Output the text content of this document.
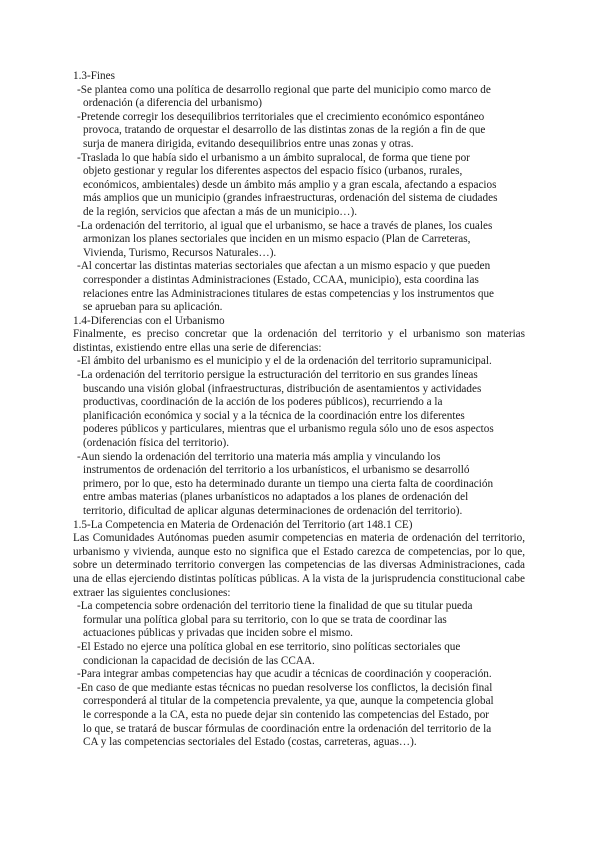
1.3-Fines

-Se plantea como una política de desarrollo regional que parte del municipio como marco de
ordenación (a diferencia del urbanismo)
-Pretende corregir los desequilibrios territoriales que el crecimiento económico espontáneo
provoca, tratando de orquestar el desarrollo de las distintas zonas de la región a fin de que
surja de manera dirigida, evitando desequilibrios entre unas zonas y otras.
-Traslada lo que había sido el urbanismo a un ámbito supralocal, de forma que tiene por
objeto gestionar y regular los diferentes aspectos del espacio físico (urbanos, rurales,
económicos, ambientales) desde un ámbito más amplio y a gran escala, afectando a espacios
más amplios que un municipio (grandes infraestructuras, ordenación del sistema de ciudades
de la región, servicios que afectan a más de un municipio…).
-La ordenación del territorio, al igual que el urbanismo, se hace a través de planes, los cuales
armonizan los planes sectoriales que inciden en un mismo espacio (Plan de Carreteras,
Vivienda, Turismo, Recursos Naturales…).
-Al concertar las distintas materias sectoriales que afectan a un mismo espacio y que pueden
corresponder a distintas Administraciones (Estado, CCAA, municipio), esta coordina las
relaciones entre las Administraciones titulares de estas competencias y los instrumentos que
se aprueban para su aplicación.

1.4-Diferencias con el Urbanismo

Finalmente, es preciso concretar que la ordenación del territorio y el urbanismo son materias distintas, existiendo entre ellas una serie de diferencias:

-El ámbito del urbanismo es el municipio y el de la ordenación del territorio supramunicipal.
-La ordenación del territorio persigue la estructuración del territorio en sus grandes líneas
buscando una visión global (infraestructuras, distribución de asentamientos y actividades
productivas, coordinación de la acción de los poderes públicos), recurriendo a la
planificación económica y social y a la técnica de la coordinación entre los diferentes
poderes públicos y particulares, mientras que el urbanismo regula sólo uno de esos aspectos
(ordenación física del territorio).
-Aun siendo la ordenación del territorio una materia más amplia y vinculando los
instrumentos de ordenación del territorio a los urbanísticos, el urbanismo se desarrolló
primero, por lo que, esto ha determinado durante un tiempo una cierta falta de coordinación
entre ambas materias (planes urbanísticos no adaptados a los planes de ordenación del
territorio, dificultad de aplicar algunas determinaciones de ordenación del territorio).

1.5-La Competencia en Materia de Ordenación del Territorio (art 148.1 CE)

Las Comunidades Autónomas pueden asumir competencias en materia de ordenación del territorio, urbanismo y vivienda, aunque esto no significa que el Estado carezca de competencias, por lo que, sobre un determinado territorio convergen las competencias de las diversas Administraciones, cada una de ellas ejerciendo distintas políticas públicas. A la vista de la jurisprudencia constitucional cabe extraer las siguientes conclusiones:

-La competencia sobre ordenación del territorio tiene la finalidad de que su titular pueda
formular una política global para su territorio, con lo que se trata de coordinar las
actuaciones públicas y privadas que inciden sobre el mismo.
-El Estado no ejerce una política global en ese territorio, sino políticas sectoriales que
condicionan la capacidad de decisión de las CCAA.
-Para integrar ambas competencias hay que acudir a técnicas de coordinación y cooperación.
-En caso de que mediante estas técnicas no puedan resolverse los conflictos, la decisión final
corresponderá al titular de la competencia prevalente, ya que, aunque la competencia global
le corresponde a la CA, esta no puede dejar sin contenido las competencias del Estado, por
lo que, se tratará de buscar fórmulas de coordinación entre la ordenación del territorio de la
CA y las competencias sectoriales del Estado (costas, carreteras, aguas…).
